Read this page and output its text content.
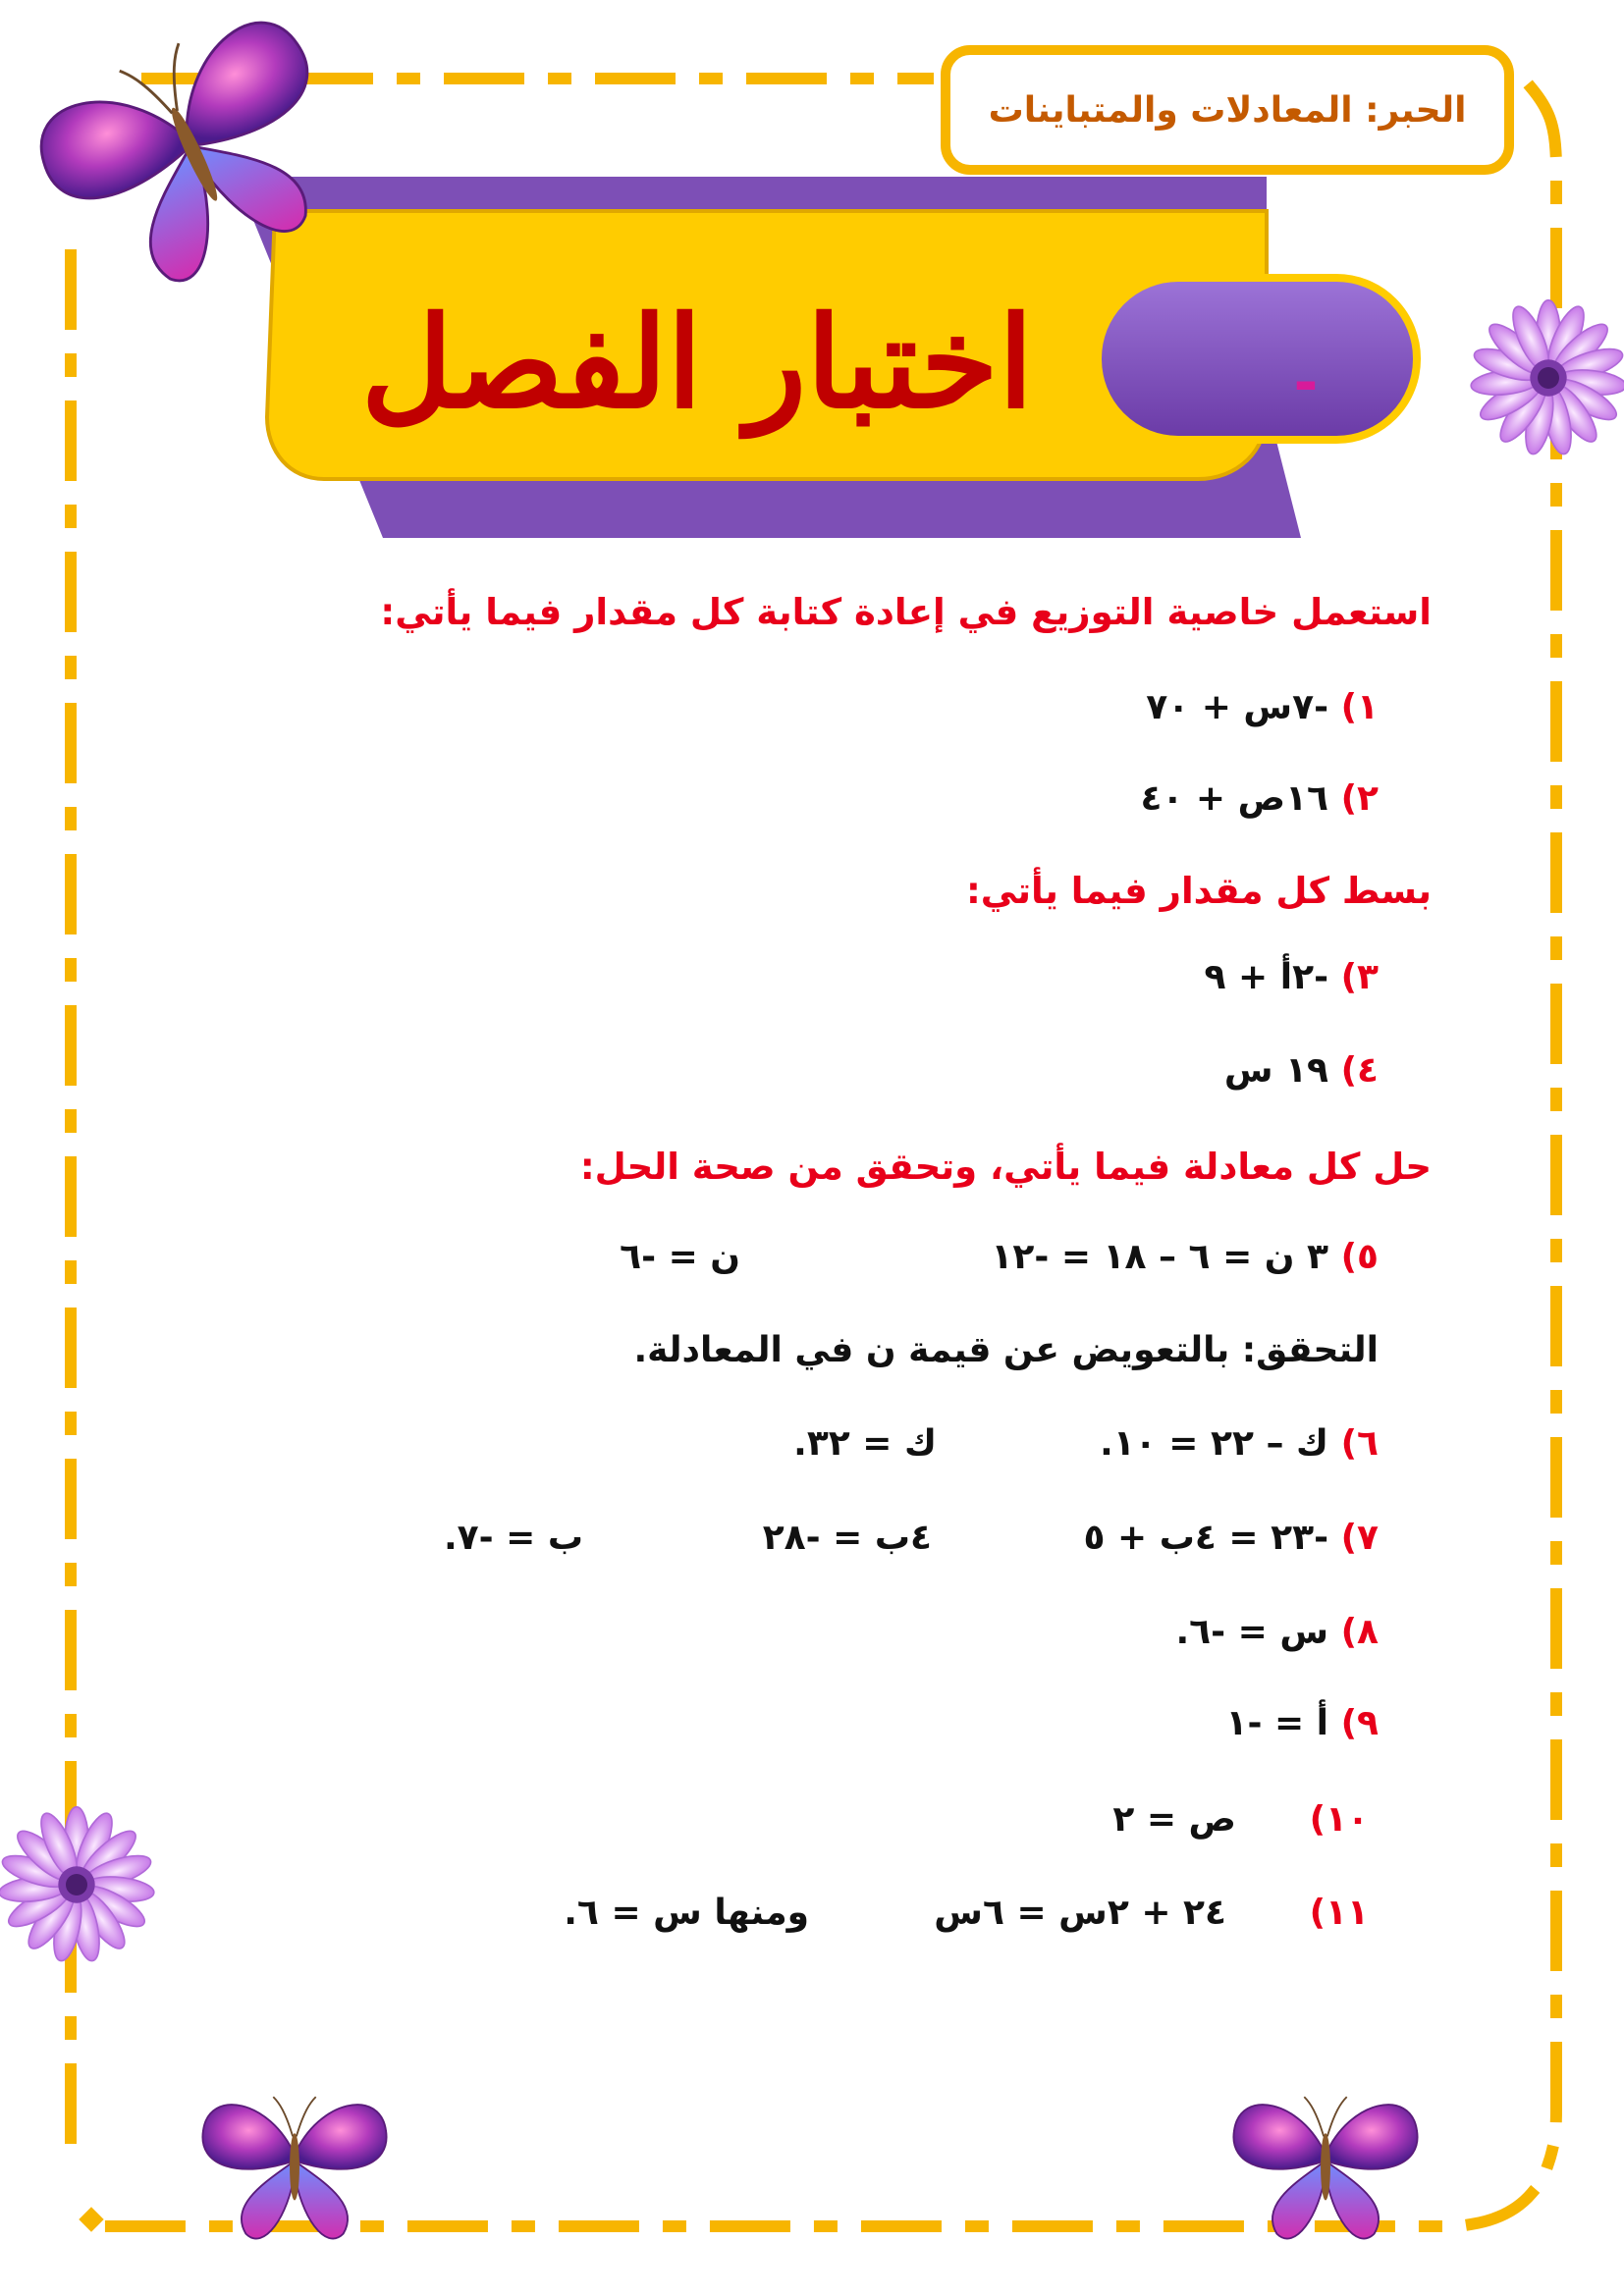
الحبر: المعادلات والمتباينات
اختبار الفصل	-
استعمل خاصية التوزيع في إعادة كتابة كل مقدار فيما يأتي:
١) -٧س + ٧٠
٢) ١٦ص + ٤٠
بسط كل مقدار فيما يأتي:
٣) -٢أ + ٩
٤) ١٩ س
حل كل معادلة فيما يأتي، وتحقق من صحة الحل:
٥) ٣ ن = ٦ – ١٨ = -١٢
ن = -٦
التحقق: بالتعويض عن قيمة ن في المعادلة.
٦) ك – ٢٢ = ١٠.
ك = ٣٢.
٧) -٢٣ = ٤ب + ٥
٤ب = -٢٨
ب = -٧.
٨) س = -٦.
٩) أ = -١
١٠)
ص = ٢
١١)
٢٤ + ٢س = ٦س
ومنها س = ٦.
